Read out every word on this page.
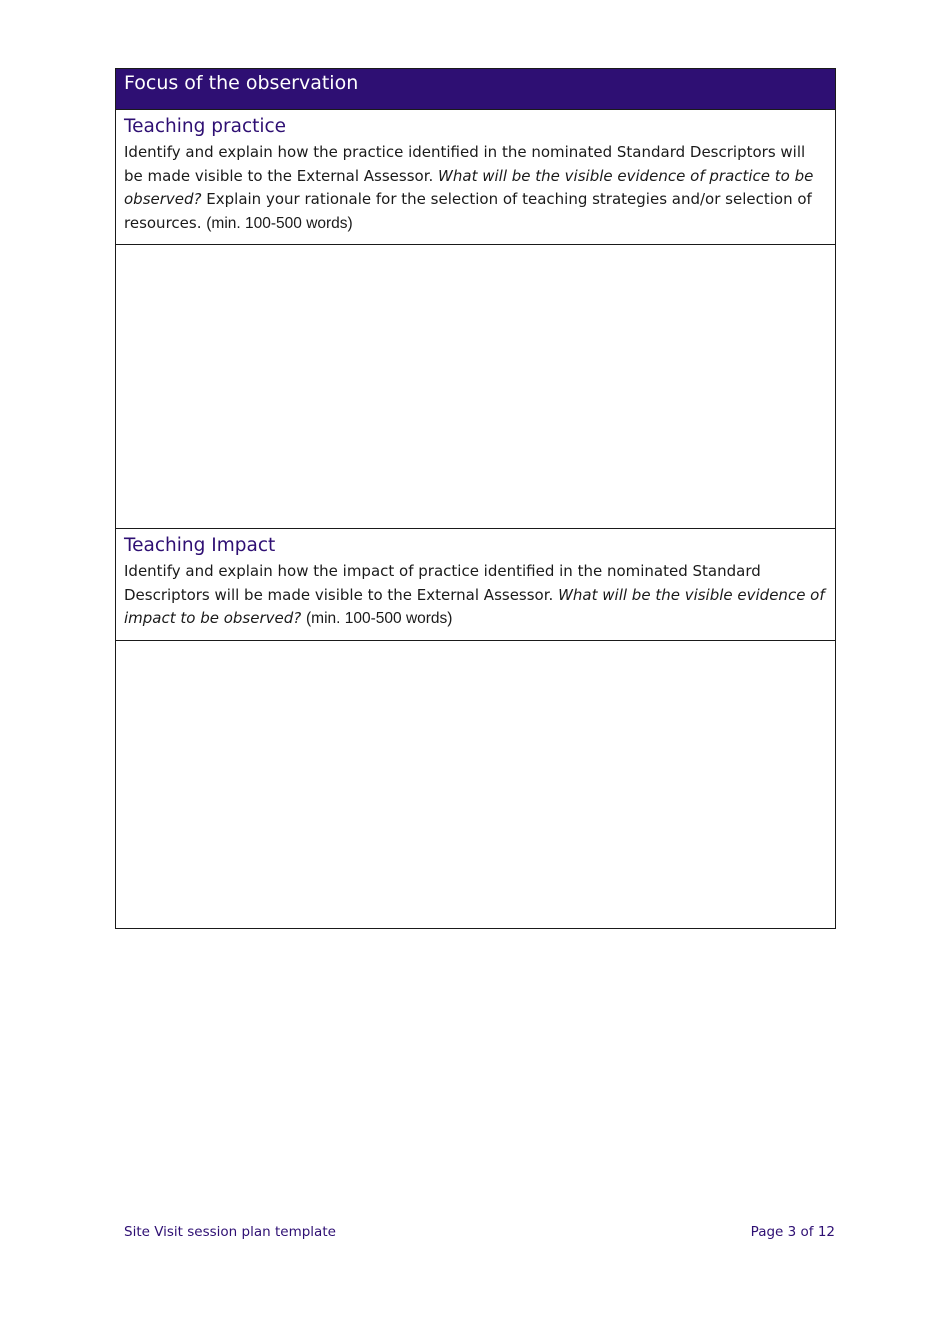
Focus of the observation

Teaching practice

Identify and explain how the practice identified in the nominated Standard Descriptors will be made visible to the External Assessor. What will be the visible evidence of practice to be observed? Explain your rationale for the selection of teaching strategies and/or selection of resources. (min. 100-500 words)

Teaching Impact

Identify and explain how the impact of practice identified in the nominated Standard Descriptors will be made visible to the External Assessor. What will be the visible evidence of impact to be observed? (min. 100-500 words)

Site Visit session plan template	Page 3 of 12
